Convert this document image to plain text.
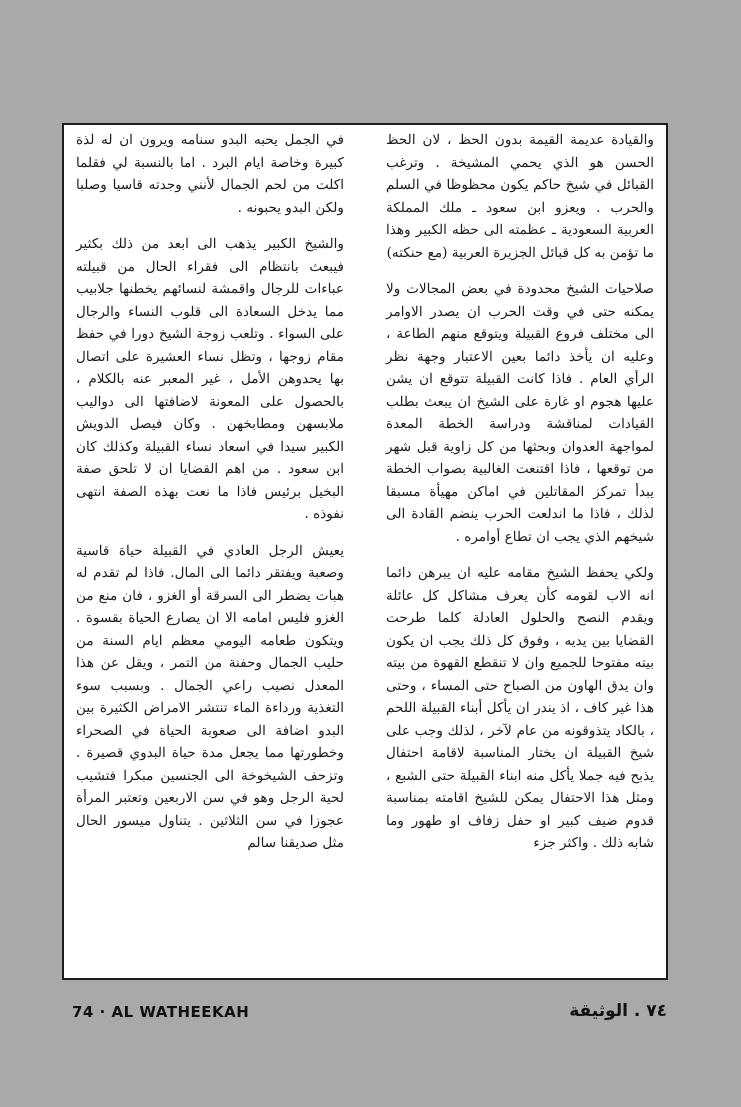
والقيادة عديمة القيمة بدون الحظ ، لان الحظ الحسن هو الذي يحمي المشيخة . وترغب القبائل في شيخ حاكم يكون محظوظا في السلم والحرب . ويعزو ابن سعود ـ ملك المملكة العربية السعودية ـ عظمته الى حظه الكبير وهذا ما تؤمن به كل قبائل الجزيرة العربية (مع حنكته)

صلاحيات الشيخ محدودة في بعض المجالات ولا يمكنه حتى في وقت الحرب ان يصدر الاوامر الى مختلف فروع القبيلة ويتوقع منهم الطاعة ، وعليه ان يأخذ دائما بعين الاعتبار وجهة نظر الرأي العام . فاذا كانت القبيلة تتوقع ان يشن عليها هجوم او غارة على الشيخ ان يبعث بطلب القيادات لمناقشة ودراسة الخطة المعدة لمواجهة العدوان وبحثها من كل زاوية قبل شهر من توقعها ، فاذا اقتنعت الغالبية بصواب الخطة يبدأ تمركز المقاتلين في اماكن مهيأة مسبقا لذلك ، فاذا ما اندلعت الحرب ينضم القادة الى شيخهم الذي يجب ان تطاع أوامره .

ولكي يحفظ الشيخ مقامه عليه ان يبرهن دائما انه الاب لقومه كأن يعرف مشاكل كل عائلة ويقدم النصح والحلول العادلة كلما طرحت القضايا بين يديه ، وفوق كل ذلك يجب ان يكون بيته مفتوحا للجميع وان لا تنقطع القهوة من بيته وان يدق الهاون من الصباح حتى المساء ، وحتى هذا غير كاف ، اذ يندر ان يأكل أبناء القبيلة اللحم ، بالكاد يتذوقونه من عام لآخر ، لذلك وجب على شيخ القبيلة ان يختار المناسبة لاقامة احتفال يذبح فيه جملا يأكل منه ابناء القبيلة حتى الشبع ، ومثل هذا الاحتفال يمكن للشيخ اقامته بمناسبة قدوم ضيف كبير او حفل زفاف او طهور وما شابه ذلك . واكثر جزء

في الجمل يحبه البدو سنامه ويرون ان له لذة كبيرة وخاصة ايام البرد . اما بالنسبة لي فقلما اكلت من لحم الجمال لأنني وجدته قاسيا وصلبا ولكن البدو يحبونه .

والشيخ الكبير يذهب الى ابعد من ذلك بكثير فيبعث بانتظام الى فقراء الحال من قبيلته عباءات للرجال واقمشة لنسائهم يخطنها جلابيب مما يدخل السعادة الى قلوب النساء والرجال على السواء . وتلعب زوجة الشيخ دورا في حفظ مقام زوجها ، وتظل نساء العشيرة على اتصال بها يحدوهن الأمل ، غير المعبر عنه بالكلام ، بالحصول على المعونة لاضافتها الى دواليب ملابسهن ومطابخهن . وكان فيصل الدويش الكبير سيدا في اسعاد نساء القبيلة وكذلك كان ابن سعود . من اهم القضايا ان لا تلحق صفة البخيل برئيس فاذا ما نعت بهذه الصفة انتهى نفوذه .

يعيش الرجل العادي في القبيلة حياة قاسية وصعبة ويفتقر دائما الى المال. فاذا لم تقدم له هبات يضطر الى السرقة أو الغزو ، فان منع من الغزو فليس امامه الا ان يصارع الحياة بقسوة . ويتكون طعامه اليومي معظم ايام السنة من حليب الجمال وحفنة من التمر ، ويقل عن هذا المعدل نصيب راعي الجمال . وبسبب سوء التغذية ورداءة الماء تنتشر الامراض الكثيرة بين البدو اضافة الى صعوبة الحياة في الصحراء وخطورتها مما يجعل مدة حياة البدوي قصيرة . وتزحف الشيخوخة الى الجنسين مبكرا فتشيب لحية الرجل وهو في سن الاربعين وتعتبر المرأة عجوزا في سن الثلاثين . يتناول ميسور الحال مثل صديقنا سالم

74 · AL WATHEEKAH	٧٤ . الوثيقة
